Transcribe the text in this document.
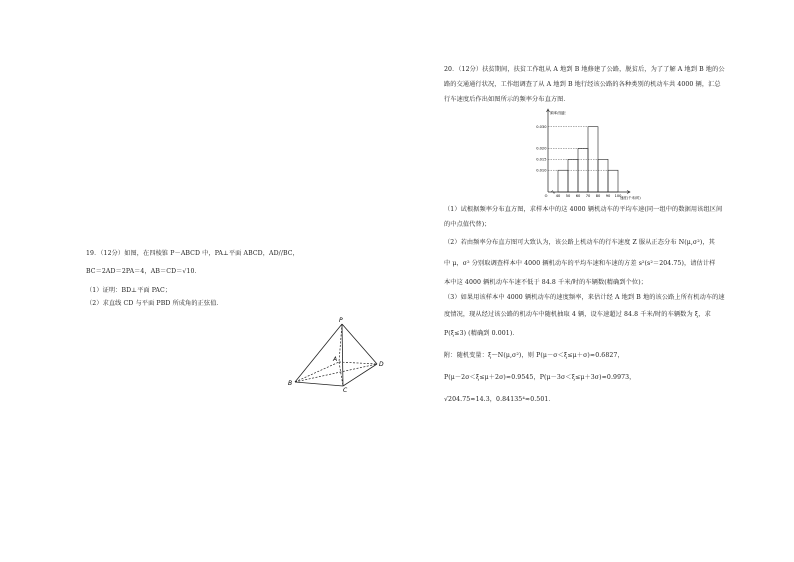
19．（12分）如图，在四棱锥 P－ABCD 中，PA⊥平面 ABCD，AD//BC，
BC＝2AD＝2PA＝4，AB＝CD＝√10．
（1）证明：BD⊥平面 PAC；
（2）求直线 CD 与平面 PBD 所成角的正弦值．
P
A
B
C
D
20．（12分）扶贫期间，扶贫工作组从 A 地到 B 地修建了公路，脱贫后，为了了解 A 地到 B 地的公
路的交通通行状况，工作组调查了从 A 地到 B 地行经该公路的各种类别的机动车共 4000 辆，汇总
行车速度后作出如图所示的频率分布直方图．
频率/组距
速度(千米/时)
0.010
0.015
0.020
0.030
O 40 50 60 70 80 90 100
（1）试根据频率分布直方图，求样本中的这 4000 辆机动车的平均车速(同一组中的数据用该组区间
的中点值代替)；
（2）若由频率分布直方图可大致认为，该公路上机动车的行车速度 Z 服从正态分布 N(μ,σ²)，其
中 μ，σ² 分别取调查样本中 4000 辆机动车的平均车速和车速的方差 s²(s²＝204.75)，请估计样
本中这 4000 辆机动车车速不低于 84.8 千米/时的车辆数(精确到个位)；
（3）如果用该样本中 4000 辆机动车的速度频率，来估计经 A 地到 B 地的该公路上所有机动车的速
度情况，现从经过该公路的机动车中随机抽取 4 辆，设车速超过 84.8 千米/时的车辆数为 ξ，求
P(ξ≤3) (精确到 0.001)．
附：随机变量：ξ～N(μ,σ²)，则 P(μ－σ＜ξ≤μ＋σ)≈0.6827，
P(μ－2σ＜ξ≤μ＋2σ)≈0.9545，P(μ－3σ＜ξ≤μ＋3σ)≈0.9973，
√204.75≈14.3，0.84135⁴≈0.501．
